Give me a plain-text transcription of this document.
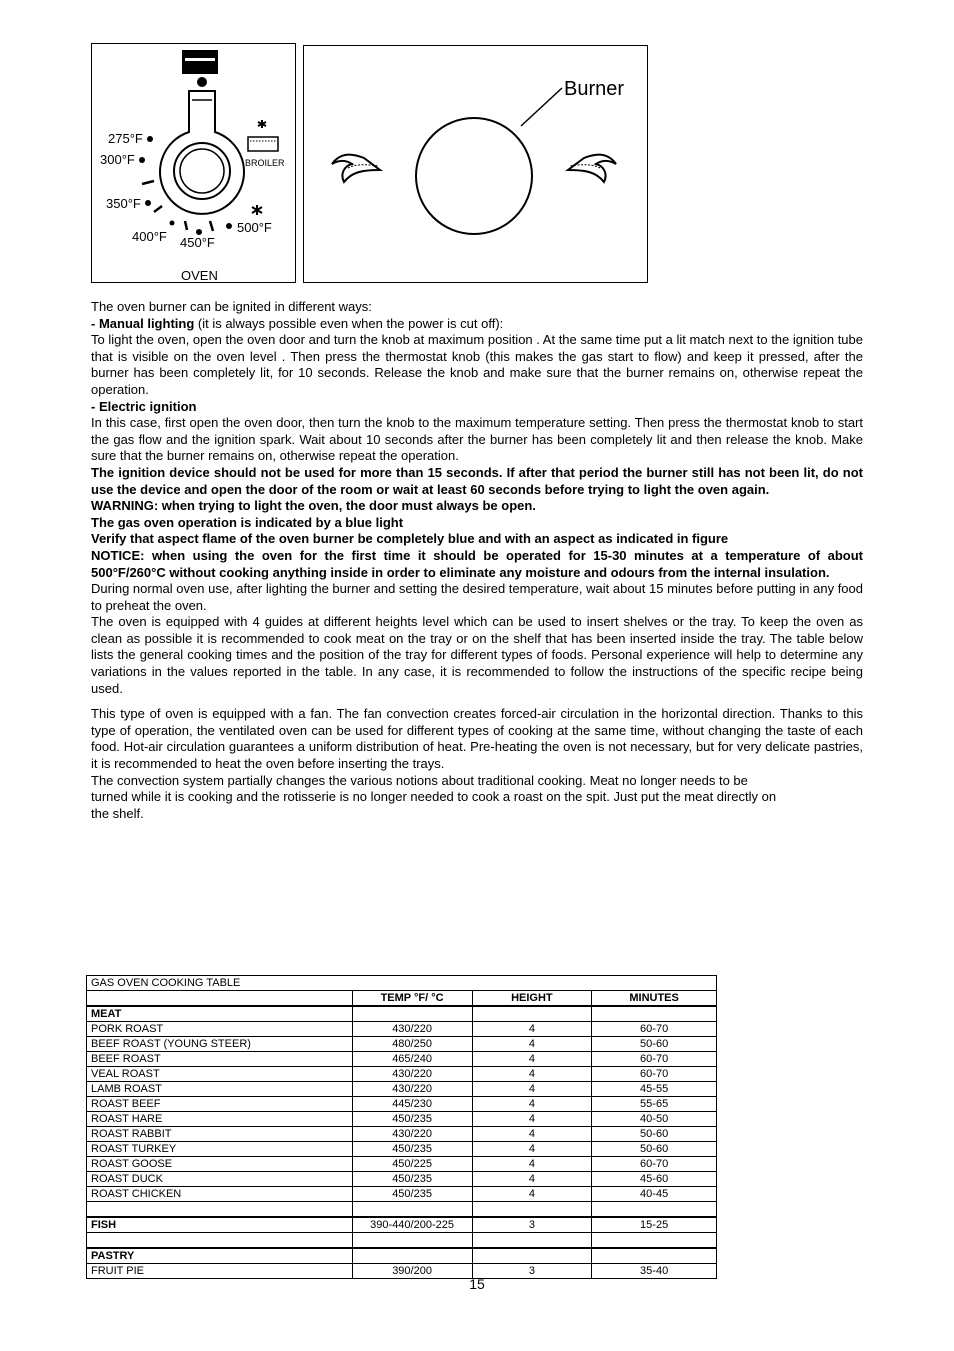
BROILER
275°F
300°F
350°F
400°F 450°F
500°F
OVEN
Burner

The oven burner can be ignited in different ways:

- Manual lighting (it is always possible even when the power is cut off):

To light the oven, open the oven door and turn the knob at maximum position . At the same time put a lit match next to the ignition tube that is visible on the oven level . Then press the thermostat knob (this makes the gas start to flow) and keep it pressed, after the burner has been completely lit, for 10 seconds. Release the knob and make sure that the burner remains on, otherwise repeat the operation.

- Electric ignition

In this case, first open the oven door, then turn the knob to the maximum temperature setting. Then press the thermostat knob to start the gas flow and the ignition spark. Wait about 10 seconds after the burner has been completely lit and then release the knob. Make sure that the burner remains on, otherwise repeat the operation.

The ignition device should not be used for more than 15 seconds. If after that period the burner still has not been lit, do not use the device and open the door of the room or wait at least 60 seconds before trying to light the oven again.

WARNING: when trying to light the oven, the door must always be open.

The gas oven operation is indicated by a blue light

Verify that aspect flame of the oven burner be completely blue and with an aspect as indicated in figure

NOTICE: when using the oven for the first time it should be operated for 15-30 minutes at a temperature of about 500°F/260°C without cooking anything inside in order to eliminate any moisture and odours from the internal insulation.

During normal oven use, after lighting the burner and setting the desired temperature, wait about 15 minutes before putting in any food to preheat the oven.

The oven is equipped with 4 guides at different heights level which can be used to insert shelves or the tray. To keep the oven as clean as possible it is recommended to cook meat on the tray or on the shelf that has been inserted inside the tray. The table below lists the general cooking times and the position of the tray for different types of foods. Personal experience will help to determine any variations in the values reported in the table. In any case, it is recommended to follow the instructions of the specific recipe being used.

This type of oven is equipped with a fan. The fan convection creates forced-air circulation in the horizontal direction. Thanks to this type of operation, the ventilated oven can be used for different types of cooking at the same time, without changing the taste of each food. Hot-air circulation guarantees a uniform distribution of heat. Pre-heating the oven is not necessary, but for very delicate pastries, it is recommended to heat the oven before inserting the trays.

The convection system partially changes the various notions about traditional cooking. Meat no longer needs to be

turned while it is cooking and the rotisserie is no longer needed to cook a roast on the spit. Just put the meat directly on

the shelf.

GAS OVEN COOKING TABLE			
	TEMP °F/ °C	HEIGHT	MINUTES
MEAT			
PORK ROAST	430/220	4	60-70
BEEF ROAST (YOUNG STEER)	480/250	4	50-60
BEEF ROAST	465/240	4	60-70
VEAL ROAST	430/220	4	60-70
LAMB ROAST	430/220	4	45-55
ROAST BEEF	445/230	4	55-65
ROAST HARE	450/235	4	40-50
ROAST RABBIT	430/220	4	50-60
ROAST TURKEY	450/235	4	50-60
ROAST GOOSE	450/225	4	60-70
ROAST DUCK	450/235	4	45-60
ROAST CHICKEN	450/235	4	40-45

FISH	390-440/200-225	3	15-25

PASTRY			
FRUIT PIE	390/200	3	35-40
15
